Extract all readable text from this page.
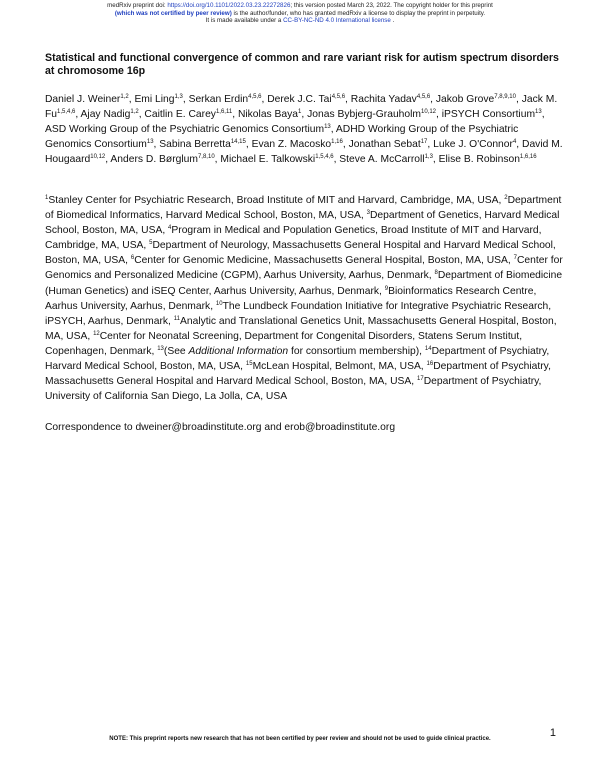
medRxiv preprint doi: https://doi.org/10.1101/2022.03.23.22272826; this version posted March 23, 2022. The copyright holder for this preprint
(which was not certified by peer review) is the author/funder, who has granted medRxiv a license to display the preprint in perpetuity.
It is made available under a CC-BY-NC-ND 4.0 International license .
Statistical and functional convergence of common and rare variant risk for autism spectrum disorders at chromosome 16p
Daniel J. Weiner$^{1,2}$, Emi Ling$^{1,3}$, Serkan Erdin$^{4,5,6}$, Derek J.C. Tai$^{4,5,6}$, Rachita Yadav$^{4,5,6}$, Jakob Grove$^{7,8,9,10}$, Jack M. Fu$^{1,5,4,6}$, Ajay Nadig$^{1,2}$, Caitlin E. Carey$^{1,6,11}$, Nikolas Baya$^1$, Jonas Bybjerg-Grauholm$^{10,12}$, iPSYCH Consortium$^{13}$, ASD Working Group of the Psychiatric Genomics Consortium$^{13}$, ADHD Working Group of the Psychiatric Genomics Consortium$^{13}$, Sabina Berretta$^{14,15}$, Evan Z. Macosko$^{1,16}$, Jonathan Sebat$^{17}$, Luke J. O'Connor$^4$, David M. Hougaard$^{10,12}$, Anders D. Børglum$^{7,8,10}$, Michael E. Talkowski$^{1,5,4,6}$, Steve A. McCarroll$^{1,3}$, Elise B. Robinson$^{1,6,16}$
$^1$Stanley Center for Psychiatric Research, Broad Institute of MIT and Harvard, Cambridge, MA, USA, $^2$Department of Biomedical Informatics, Harvard Medical School, Boston, MA, USA, $^3$Department of Genetics, Harvard Medical School, Boston, MA, USA, $^4$Program in Medical and Population Genetics, Broad Institute of MIT and Harvard, Cambridge, MA, USA, $^5$Department of Neurology, Massachusetts General Hospital and Harvard Medical School, Boston, MA, USA, $^6$Center for Genomic Medicine, Massachusetts General Hospital, Boston, MA, USA, $^7$Center for Genomics and Personalized Medicine (CGPM), Aarhus University, Aarhus, Denmark, $^8$Department of Biomedicine (Human Genetics) and iSEQ Center, Aarhus University, Aarhus, Denmark, $^9$Bioinformatics Research Centre, Aarhus University, Aarhus, Denmark, $^{10}$The Lundbeck Foundation Initiative for Integrative Psychiatric Research, iPSYCH, Aarhus, Denmark, $^{11}$Analytic and Translational Genetics Unit, Massachusetts General Hospital, Boston, MA, USA, $^{12}$Center for Neonatal Screening, Department for Congenital Disorders, Statens Serum Institut, Copenhagen, Denmark, $^{13}$(See Additional Information for consortium membership), $^{14}$Department of Psychiatry, Harvard Medical School, Boston, MA, USA, $^{15}$McLean Hospital, Belmont, MA, USA, $^{16}$Department of Psychiatry, Massachusetts General Hospital and Harvard Medical School, Boston, MA, USA, $^{17}$Department of Psychiatry, University of California San Diego, La Jolla, CA, USA
Correspondence to dweiner@broadinstitute.org and erob@broadinstitute.org
NOTE: This preprint reports new research that has not been certified by peer review and should not be used to guide clinical practice.	1
